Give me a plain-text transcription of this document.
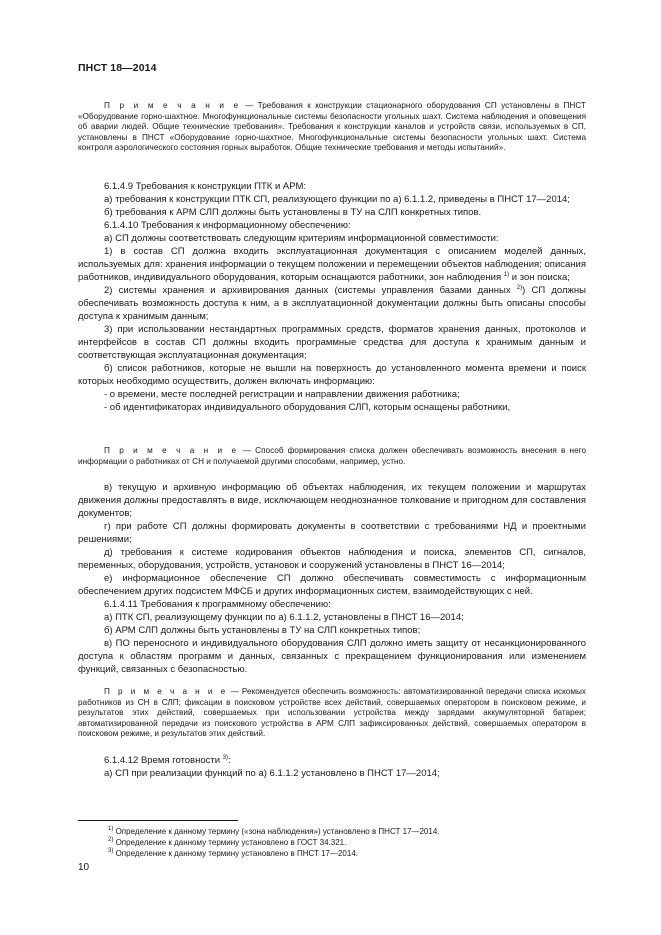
ПНСТ 18—2014

П р и м е ч а н и е — Требования к конструкции стационарного оборудования СП установлены в ПНСТ «Оборудование горно-шахтное. Многофункциональные системы безопасности угольных шахт. Система наблюдения и оповещения об аварии людей. Общие технические требования». Требования к конструкции каналов и устройств связи, используемых в СП, установлены в ПНСТ «Оборудование горно-шахтное. Многофункциональные системы безопасности угольных шахт. Система контроля аэрологического состояния горных выработок. Общие технические требования и методы испытаний».

6.1.4.9 Требования к конструкции ПТК и АРМ:

а) требования к конструкции ПТК СП, реализующего функции по а) 6.1.1.2, приведены в ПНСТ 17—2014;

б) требования к АРМ СЛП должны быть установлены в ТУ на СЛП конкретных типов.

6.1.4.10 Требования к информационному обеспечению:

а) СП должны соответствовать следующим критериям информационной совместимости:

1) в состав СП должна входить эксплуатационная документация с описанием моделей данных, используемых для: хранения информации о текущем положении и перемещении объектов наблюдения; описания работников, индивидуального оборудования, которым оснащаются работники, зон наблюдения $^{1)}$ и зон поиска;

2) системы хранения и архивирования данных (системы управления базами данных $^{2)}$) СП должны обеспечивать возможность доступа к ним, а в эксплуатационной документации должны быть описаны способы доступа к хранимым данным;

3) при использовании нестандартных программных средств, форматов хранения данных, протоколов и интерфейсов в состав СП должны входить программные средства для доступа к хранимым данным и соответствующая эксплуатационная документация;

б) список работников, которые не вышли на поверхность до установленного момента времени и поиск которых необходимо осуществить, должен включать информацию:

- о времени, месте последней регистрации и направлении движения работника;

- об идентификаторах индивидуального оборудования СЛП, которым оснащены работники,

П р и м е ч а н и е — Способ формирования списка должен обеспечивать возможность внесения в него информации о работниках от СН и получаемой другими способами, например, устно.

в) текущую и архивную информацию об объектах наблюдения, их текущем положении и маршрутах движения должны предоставлять в виде, исключающем неоднозначное толкование и пригодном для составления документов;

г) при работе СП должны формировать документы в соответствии с требованиями НД и проектными решениями;

д) требования к системе кодирования объектов наблюдения и поиска, элементов СП, сигналов, переменных, оборудования, устройств, установок и сооружений установлены в ПНСТ 16—2014;

е) информационное обеспечение СП должно обеспечивать совместимость с информационным обеспечением других подсистем МФСБ и других информационных систем, взаимодействующих с ней.

6.1.4.11 Требования к программному обеспечению:

а) ПТК СП, реализующему функции по а) 6.1.1.2, установлены в ПНСТ 16—2014;

б) АРМ СЛП должны быть установлены в ТУ на СЛП конкретных типов;

в) ПО переносного и индивидуального оборудования СЛП должно иметь защиту от несанкционированного доступа к областям программ и данных, связанных с прекращением функционирования или изменением функций, связанных с безопасностью.

П р и м е ч а н и е — Рекомендуется обеспечить возможность: автоматизированной передачи списка искомых работников из СН в СЛП; фиксации в поисковом устройстве всех действий, совершаемых оператором в поисковом режиме, и результатов этих действий, совершаемых при использовании устройства между зарядами аккумуляторной батареи; автоматизированной передачи из поискового устройства в АРМ СЛП зафиксированных действий, совершаемых оператором в поисковом режиме, и результатов этих действий.

6.1.4.12 Время готовности $^{3)}$:

а) СП при реализации функций по а) 6.1.1.2 установлено в ПНСТ 17—2014;

$^{1)}$ Определение к данному термину («зона наблюдения») установлено в ПНСТ 17—2014.
$^{2)}$ Определение к данному термину установлено в ГОСТ 34.321.
$^{3)}$ Определение к данному термину установлено в ПНСТ 17—2014.
10
